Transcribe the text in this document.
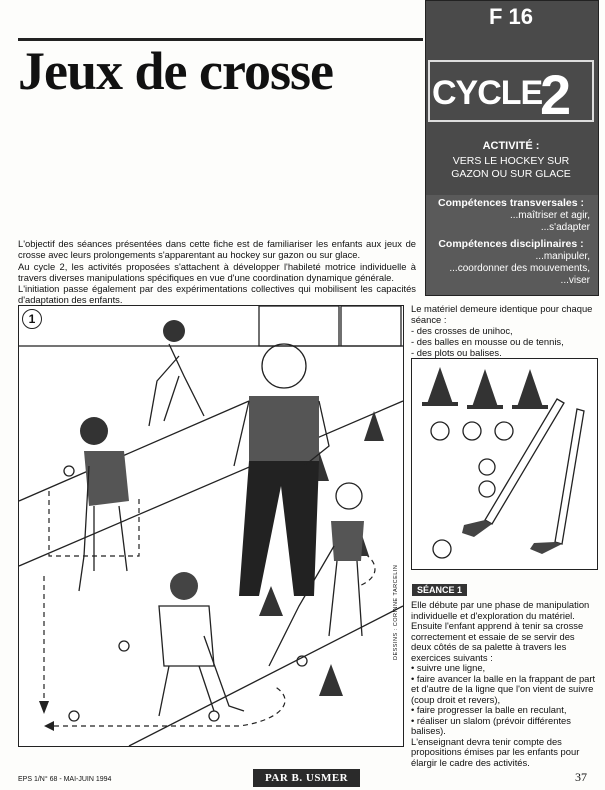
Jeux de crosse
F 16
CYCLE
2
ACTIVITÉ :
VERS LE HOCKEY SUR
GAZON OU SUR GLACE
Compétences transversales :
...maîtriser et agir,
...s'adapter
Compétences disciplinaires :
...manipuler,
...coordonner des mouvements,
...viser

L'objectif des séances présentées dans cette fiche est de familiariser les enfants aux jeux de crosse avec leurs prolongements s'apparentant au hockey sur gazon ou sur glace.

Au cycle 2, les activités proposées s'attachent à développer l'habileté motrice individuelle à travers diverses manipulations spécifiques en vue d'une coordination dynamique générale.

L'initiation passe également par des expérimentations collectives qui mobilisent les capacités d'adaptation des enfants.

1
DESSINS : CORINNE TARCELIN

Le matériel demeure identique pour chaque séance :

- des crosses de unihoc,

- des balles en mousse ou de tennis,

- des plots ou balises.

SÉANCE 1

Elle débute par une phase de manipulation individuelle et d'exploration du matériel.

Ensuite l'enfant apprend à tenir sa crosse correctement et essaie de se servir des deux côtés de sa palette à travers les exercices suivants :

• suivre une ligne,

• faire avancer la balle en la frappant de part et d'autre de la ligne que l'on vient de suivre (coup droit et revers),

• faire progresser la balle en reculant,

• réaliser un slalom (prévoir différentes balises).

L'enseignant devra tenir compte des propositions émises par les enfants pour élargir le cadre des activités.

EPS 1/N° 68 - MAI-JUIN 1994	PAR B. USMER	37
